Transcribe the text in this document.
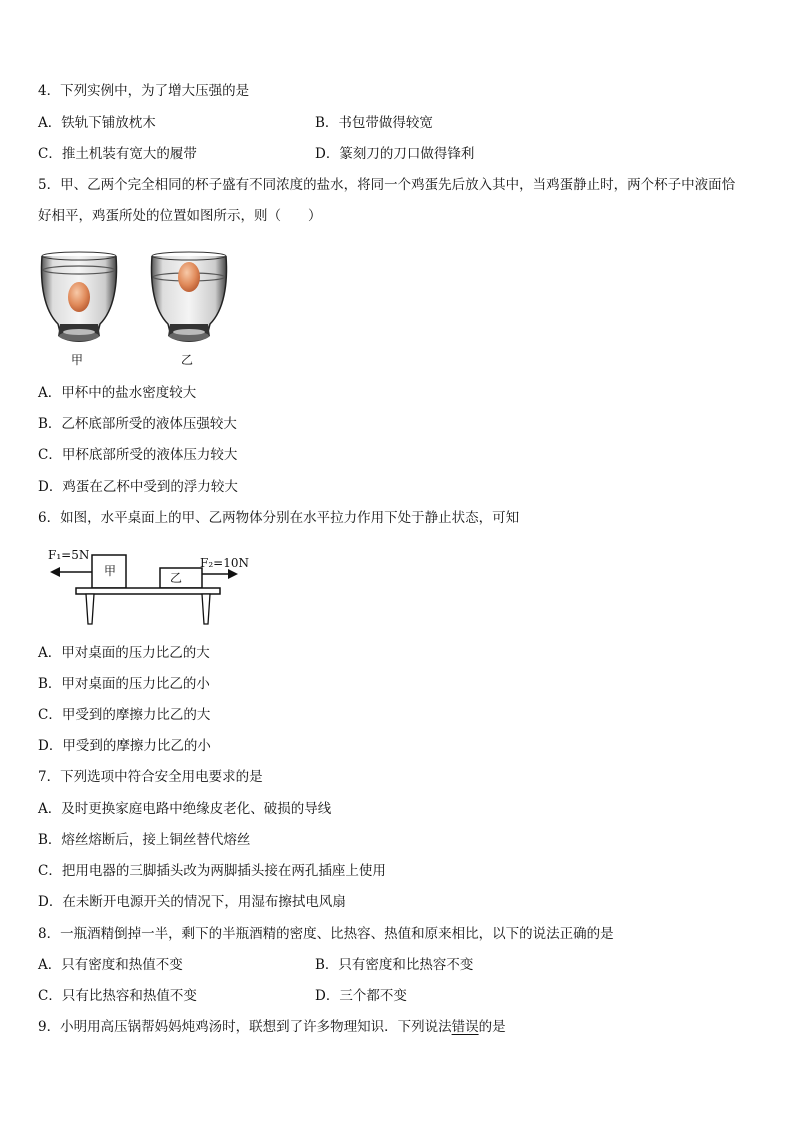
4．下列实例中，为了增大压强的是
A．铁轨下铺放枕木	B．书包带做得较宽
C．推土机装有宽大的履带	D．篆刻刀的刀口做得锋利
5．甲、乙两个完全相同的杯子盛有不同浓度的盐水，将同一个鸡蛋先后放入其中，当鸡蛋静止时，两个杯子中液面恰
好相平，鸡蛋所处的位置如图所示，则（　　）
甲	乙
A．甲杯中的盐水密度较大
B．乙杯底部所受的液体压强较大
C．甲杯底部所受的液体压力较大
D．鸡蛋在乙杯中受到的浮力较大
6．如图，水平桌面上的甲、乙两物体分别在水平拉力作用下处于静止状态，可知
F₁=5N
F₂=10N
甲	乙
A．甲对桌面的压力比乙的大
B．甲对桌面的压力比乙的小
C．甲受到的摩擦力比乙的大
D．甲受到的摩擦力比乙的小
7．下列选项中符合安全用电要求的是
A．及时更换家庭电路中绝缘皮老化、破损的导线
B．熔丝熔断后，接上铜丝替代熔丝
C．把用电器的三脚插头改为两脚插头接在两孔插座上使用
D．在未断开电源开关的情况下，用湿布擦拭电风扇
8．一瓶酒精倒掉一半，剩下的半瓶酒精的密度、比热容、热值和原来相比，以下的说法正确的是
A．只有密度和热值不变	B．只有密度和比热容不变
C．只有比热容和热值不变	D．三个都不变
9．小明用高压锅帮妈妈炖鸡汤时，联想到了许多物理知识．下列说法错误的是
